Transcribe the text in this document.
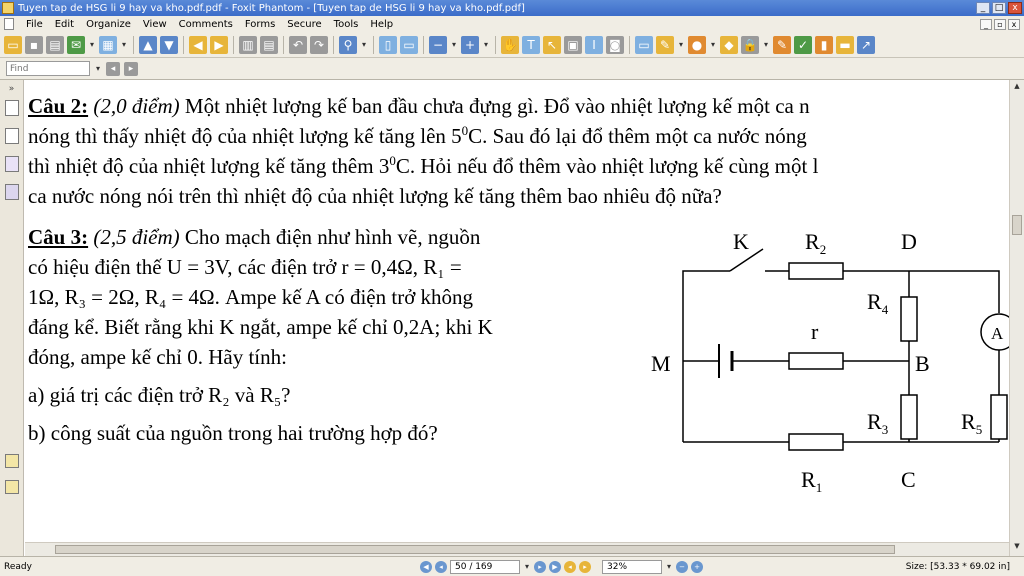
Tuyen tap de HSG li 9 hay va kho.pdf.pdf - Foxit Phantom - [Tuyen tap de HSG li 9 hay va kho.pdf.pdf]	_	□	x
File	Edit	Organize	View	Comments	Forms	Secure	Tools	Help	_	▫	x
▭ ▪ ▤ ✉	▾ ▦	▾	▲ ▼	◀ ▶	▥ ▤	↶ ↷	⚲	▾	▯	▭	−	▾ +	▾ ✋ T	↖ ▣	I	◙ ▭ ✎	▾ ●	▾ ◆ 🔒 ▾ ✎ ✓	▮	▬ ↗
Find
▾	◂	▸
»
Câu 2: (2,0 điểm) Một nhiệt lượng kế ban đầu chưa đựng gì. Đổ vào nhiệt lượng kế một ca n
nóng thì thấy nhiệt độ của nhiệt lượng kế tăng lên $5^0C$. Sau đó lại đổ thêm một ca nước nóng
thì nhiệt độ của nhiệt lượng kế tăng thêm $3^0C$. Hỏi nếu đổ thêm vào nhiệt lượng kế cùng một l
ca nước nóng nói trên thì nhiệt độ của nhiệt lượng kế tăng thêm bao nhiêu độ nữa?
Câu 3: (2,5 điểm) Cho mạch điện như hình vẽ, nguồn
có hiệu điện thế U = 3V, các điện trở r = 0,4Ω, R₁ =
1Ω, R₃ = 2Ω, R₄ = 4Ω. Ampe kế A có điện trở không
đáng kể. Biết rằng khi K ngắt, ampe kế chỉ 0,2A; khi K
đóng, ampe kế chỉ 0. Hãy tính:
a) giá trị các điện trở R₂ và R₅?
b) công suất của nguồn trong hai trường hợp đó?
K	$R_2$	D
$R_4$
A
r
M	B
$R_3$	$R_5$
$R_1$	C
▲
▼
Ready	◀	◂	50 / 169	▾	▸	▶	◂	▸	32%	▾	−	+	Size: [53.33 * 69.02 in]
